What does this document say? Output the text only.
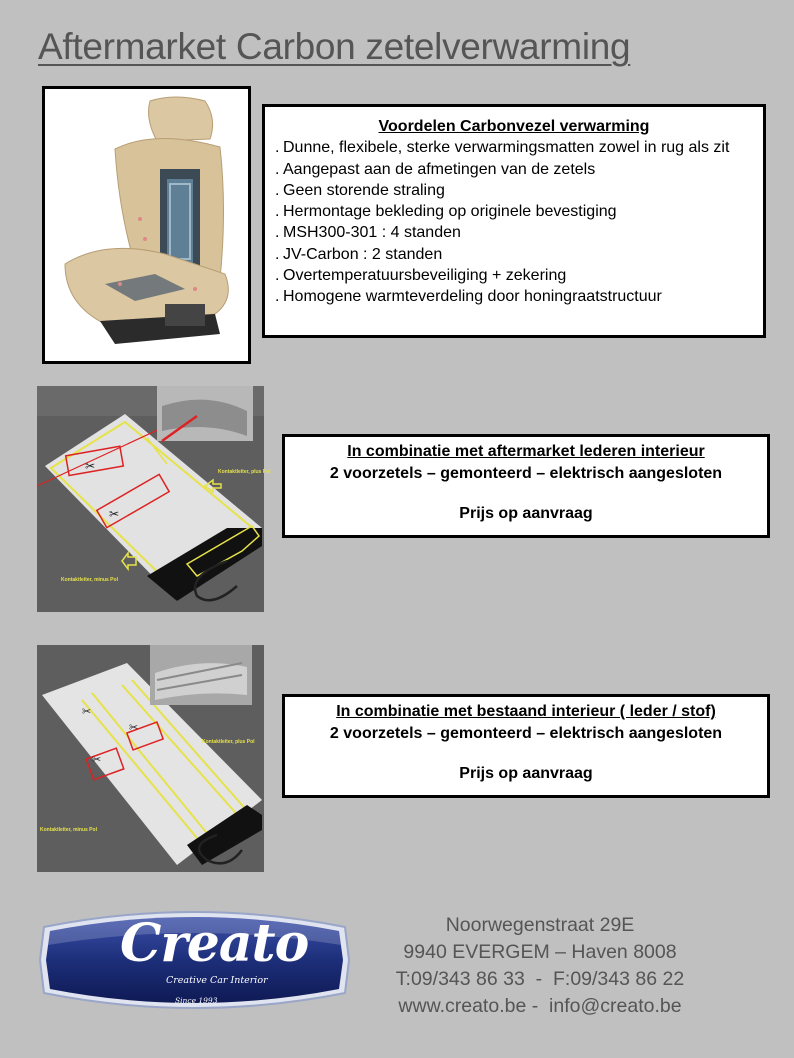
Aftermarket Carbon zetelverwarming
Voordelen Carbonvezel verwarming
. Dunne, flexibele, sterke verwarmingsmatten zowel in rug als zit
. Aangepast aan de afmetingen van de zetels
. Geen storende straling
. Hermontage bekleding op originele bevestiging
. MSH300-301 : 4 standen
. JV-Carbon : 2 standen
. Overtemperatuursbeveiliging + zekering
. Homogene warmteverdeling door honingraatstructuur
✂
✂
Kontaktleiter, plus Pol
Kontaktleiter, minus Pol
In combinatie met aftermarket lederen interieur
2 voorzetels – gemonteerd – elektrisch aangesloten
Prijs op aanvraag
✂
✂
✂
Kontaktleiter, plus Pol
Kontaktleiter, minus Pol
In combinatie met bestaand interieur ( leder / stof)
2 voorzetels – gemonteerd – elektrisch aangesloten
Prijs op aanvraag
Creato
Creative Car Interior
Since 1993
Noorwegenstraat 29E
9940 EVERGEM – Haven 8008
T:09/343 86 33  -  F:09/343 86 22
www.creato.be -  info@creato.be
